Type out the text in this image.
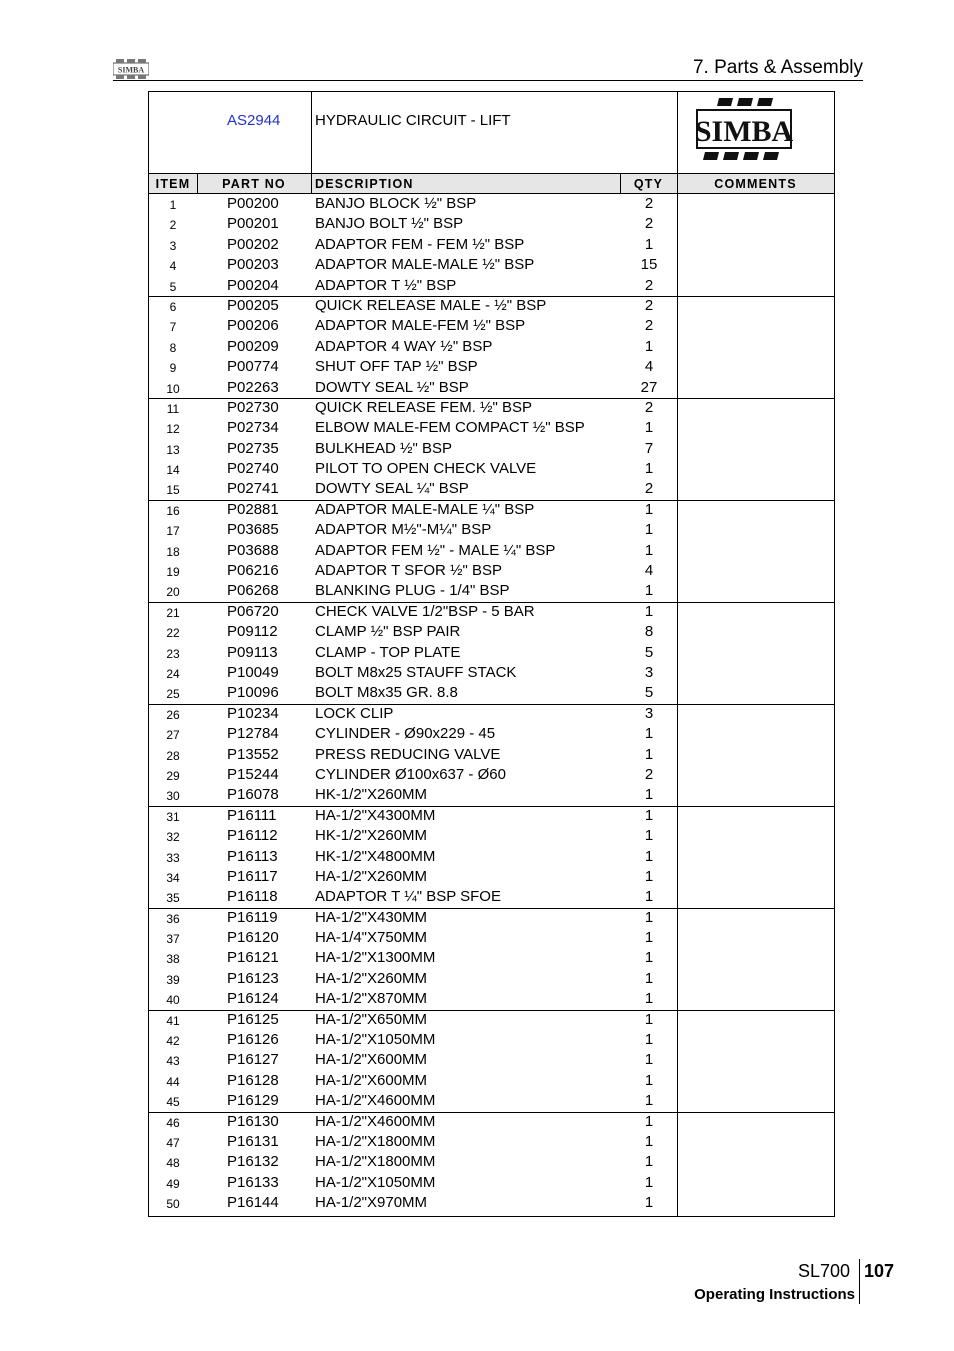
SIMBA	7. Parts & Assembly
AS2944 HYDRAULIC CIRCUIT - LIFT	SIMBA
ITEM	PART NO	DESCRIPTION	QTY	COMMENTS
1	P00200 BANJO BLOCK ½" BSP	2
2	P00201 BANJO BOLT ½" BSP	2
3	P00202 ADAPTOR FEM - FEM ½" BSP	1
4	P00203 ADAPTOR MALE-MALE ½" BSP	15
5	P00204 ADAPTOR T ½" BSP	2
6	P00205 QUICK RELEASE MALE - ½" BSP	2
7	P00206 ADAPTOR MALE-FEM ½" BSP	2
8	P00209 ADAPTOR 4 WAY ½" BSP	1
9	P00774 SHUT OFF TAP ½" BSP	4
10	P02263 DOWTY SEAL ½" BSP	27
11	P02730 QUICK RELEASE FEM. ½" BSP	2
12	P02734 ELBOW MALE-FEM COMPACT ½" BSP	1
13	P02735 BULKHEAD ½" BSP	7
14	P02740 PILOT TO OPEN CHECK VALVE	1
15	P02741 DOWTY SEAL ¼" BSP	2
16	P02881 ADAPTOR MALE-MALE ¼" BSP	1
17	P03685 ADAPTOR M½"-M¼" BSP	1
18	P03688 ADAPTOR FEM ½" - MALE ¼" BSP	1
19	P06216 ADAPTOR T SFOR ½" BSP	4
20	P06268 BLANKING PLUG - 1/4" BSP	1
21	P06720 CHECK VALVE 1/2"BSP - 5 BAR	1
22	P09112 CLAMP ½" BSP PAIR	8
23	P09113 CLAMP - TOP PLATE	5
24	P10049 BOLT M8x25 STAUFF STACK	3
25	P10096 BOLT M8x35 GR. 8.8	5
26	P10234 LOCK CLIP	3
27	P12784 CYLINDER - Ø90x229 - 45	1
28	P13552 PRESS REDUCING VALVE	1
29	P15244 CYLINDER Ø100x637 - Ø60	2
30	P16078 HK-1/2"X260MM	1
31	P16111	HA-1/2"X4300MM	1
32	P16112 HK-1/2"X260MM	1
33	P16113 HK-1/2"X4800MM	1
34	P16117 HA-1/2"X260MM	1
35	P16118 ADAPTOR T ¼" BSP SFOE	1
36	P16119 HA-1/2"X430MM	1
37	P16120 HA-1/4"X750MM	1
38	P16121 HA-1/2"X1300MM	1
39	P16123 HA-1/2"X260MM	1
40	P16124 HA-1/2"X870MM	1
41	P16125 HA-1/2"X650MM	1
42	P16126 HA-1/2"X1050MM	1
43	P16127 HA-1/2"X600MM	1
44	P16128 HA-1/2"X600MM	1
45	P16129 HA-1/2"X4600MM	1
46	P16130 HA-1/2"X4600MM	1
47	P16131 HA-1/2"X1800MM	1
48	P16132 HA-1/2"X1800MM	1
49	P16133 HA-1/2"X1050MM	1
50	P16144 HA-1/2"X970MM	1
SL700 107
Operating Instructions
